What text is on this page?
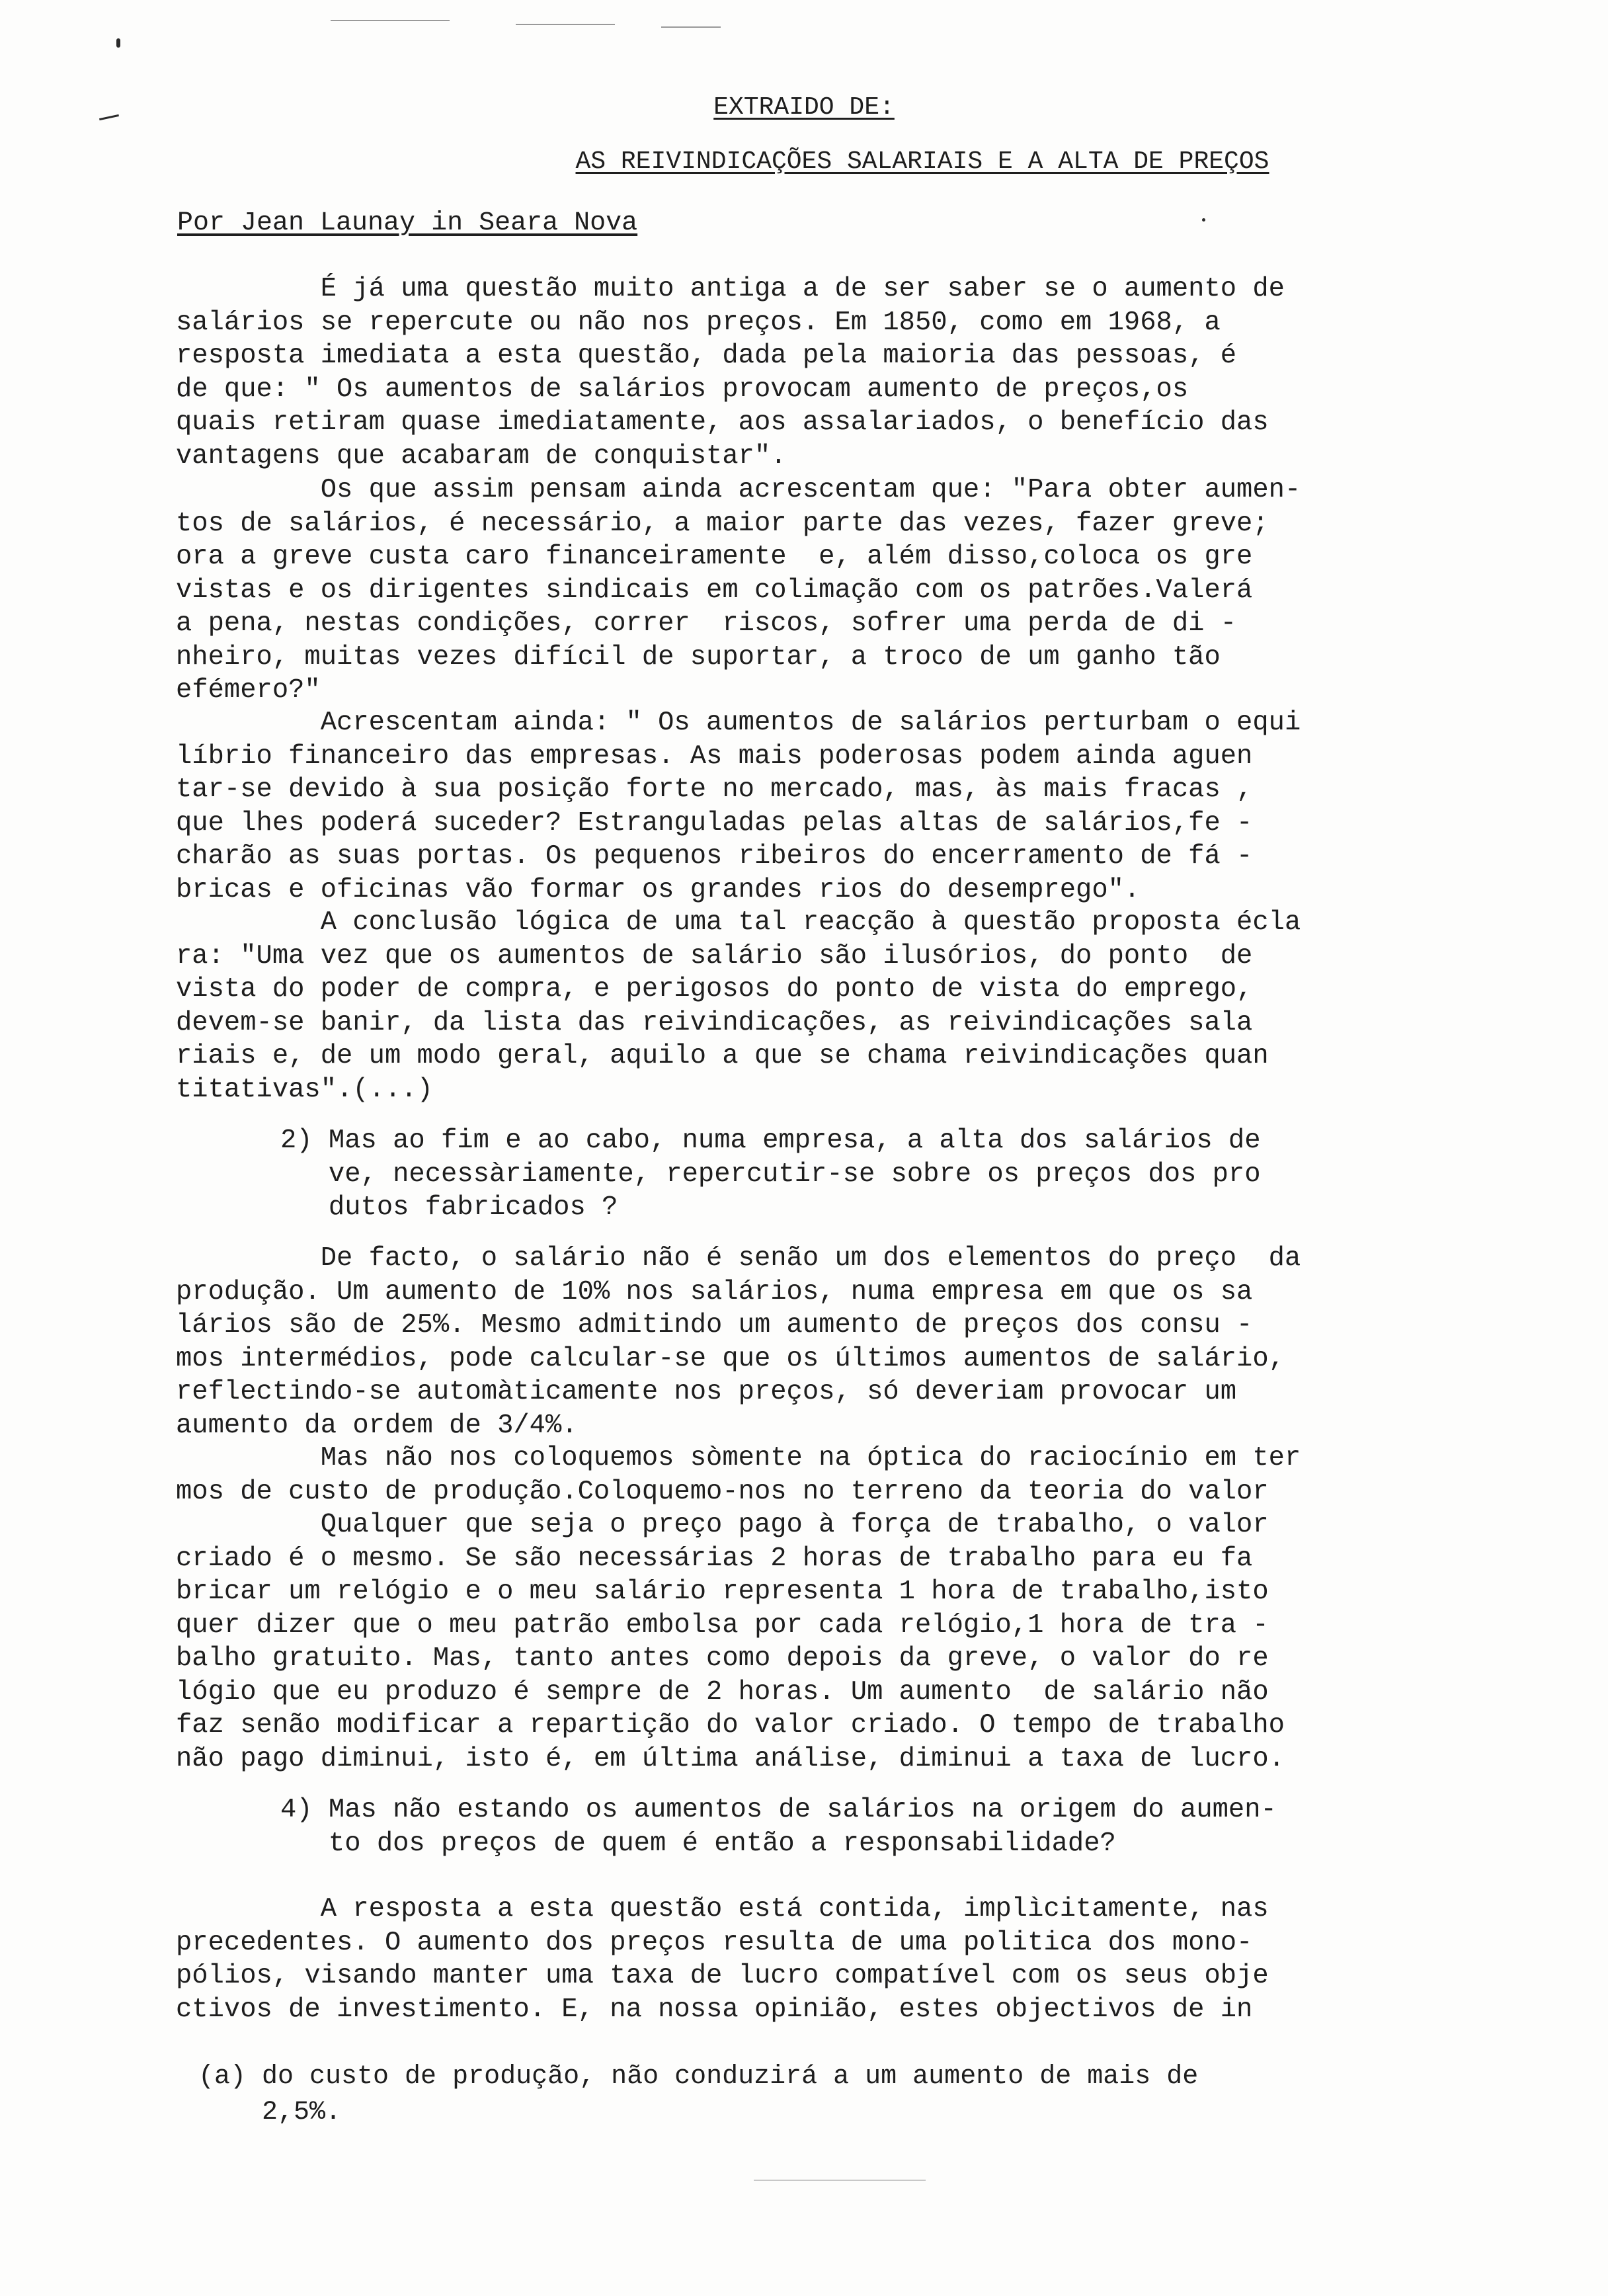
EXTRAIDO DE:
AS REIVINDICAÇÕES SALARIAIS E A ALTA DE PREÇOS
Por Jean Launay in Seara Nova
É já uma questão muito antiga a de ser saber se o aumento de
salários se repercute ou não nos preços. Em 1850, como em 1968, a
resposta imediata a esta questão, dada pela maioria das pessoas, é
de que: " Os aumentos de salários provocam aumento de preços,os
quais retiram quase imediatamente, aos assalariados, o benefício das
vantagens que acabaram de conquistar".
Os que assim pensam ainda acrescentam que: "Para obter aumen-
tos de salários, é necessário, a maior parte das vezes, fazer greve;
ora a greve custa caro financeiramente  e, além disso,coloca os gre
vistas e os dirigentes sindicais em colimação com os patrões.Valerá
a pena, nestas condições, correr  riscos, sofrer uma perda de di -
nheiro, muitas vezes difícil de suportar, a troco de um ganho tão
efémero?"
Acrescentam ainda: " Os aumentos de salários perturbam o equi
líbrio financeiro das empresas. As mais poderosas podem ainda aguen
tar-se devido à sua posição forte no mercado, mas, às mais fracas ,
que lhes poderá suceder? Estranguladas pelas altas de salários,fe -
charão as suas portas. Os pequenos ribeiros do encerramento de fá -
bricas e oficinas vão formar os grandes rios do desemprego".
A conclusão lógica de uma tal reacção à questão proposta écla
ra: "Uma vez que os aumentos de salário são ilusórios, do ponto  de
vista do poder de compra, e perigosos do ponto de vista do emprego,
devem-se banir, da lista das reivindicações, as reivindicações sala
riais e, de um modo geral, aquilo a que se chama reivindicações quan
titativas".(...)
2) Mas ao fim e ao cabo, numa empresa, a alta dos salários de
ve, necessàriamente, repercutir-se sobre os preços dos pro
dutos fabricados ?
De facto, o salário não é senão um dos elementos do preço  da
produção. Um aumento de 10% nos salários, numa empresa em que os sa
lários são de 25%. Mesmo admitindo um aumento de preços dos consu -
mos intermédios, pode calcular-se que os últimos aumentos de salário,
reflectindo-se automàticamente nos preços, só deveriam provocar um
aumento da ordem de 3/4%.
Mas não nos coloquemos sòmente na óptica do raciocínio em ter
mos de custo de produção.Coloquemo-nos no terreno da teoria do valor
Qualquer que seja o preço pago à força de trabalho, o valor
criado é o mesmo. Se são necessárias 2 horas de trabalho para eu fa
bricar um relógio e o meu salário representa 1 hora de trabalho,isto
quer dizer que o meu patrão embolsa por cada relógio,1 hora de tra -
balho gratuito. Mas, tanto antes como depois da greve, o valor do re
lógio que eu produzo é sempre de 2 horas. Um aumento  de salário não
faz senão modificar a repartição do valor criado. O tempo de trabalho
não pago diminui, isto é, em última análise, diminui a taxa de lucro.
4) Mas não estando os aumentos de salários na origem do aumen-
to dos preços de quem é então a responsabilidade?
A resposta a esta questão está contida, implìcitamente, nas
precedentes. O aumento dos preços resulta de uma politica dos mono-
pólios, visando manter uma taxa de lucro compatível com os seus obje
ctivos de investimento. E, na nossa opinião, estes objectivos de in
(a) do custo de produção, não conduzirá a um aumento de mais de
2,5%.
